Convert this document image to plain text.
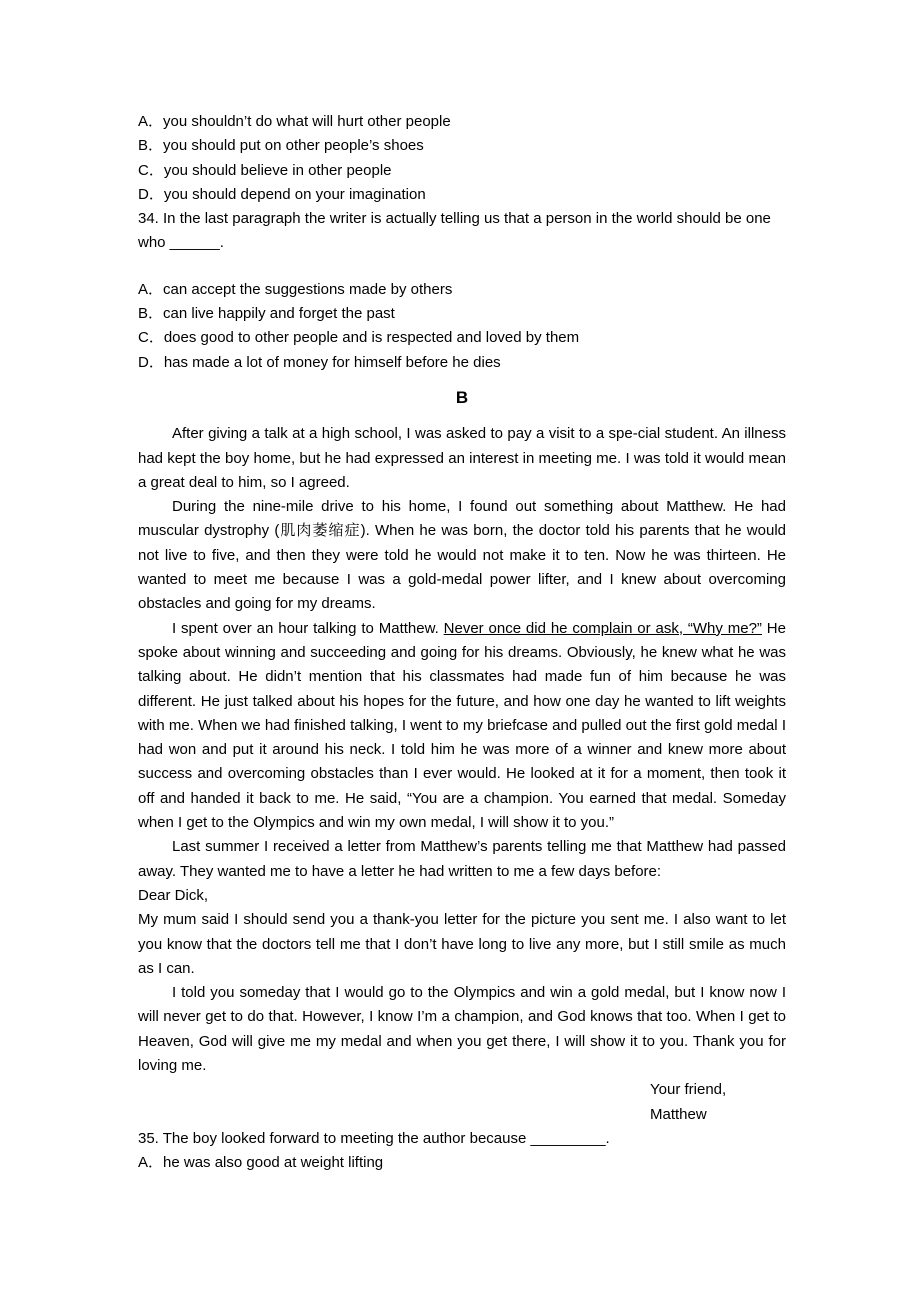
A．you shouldn’t do what will hurt other people

B．you should put on other people’s shoes

C．you should believe in other people

D．you should depend on your imagination

34. In the last paragraph the writer is actually telling us that a person in the world should be one who ______.

A．can accept the suggestions made by others

B．can live happily and forget the past

C．does good to other people and is respected and loved by them

D．has made a lot of money for himself before he dies

B

After giving a talk at a high school, I was asked to pay a visit to a spe-cial student. An illness had kept the boy home, but he had expressed an interest in meeting me. I was told it would mean a great deal to him, so I agreed.

During the nine-mile drive to his home, I found out something about Matthew. He had muscular dystrophy (肌肉萎缩症). When he was born, the doctor told his parents that he would not live to five, and then they were told he would not make it to ten. Now he was thirteen. He wanted to meet me because I was a gold-medal power lifter, and I knew about overcoming obstacles and going for my dreams.

I spent over an hour talking to Matthew. Never once did he complain or ask, “Why me?” He spoke about winning and succeeding and going for his dreams. Obviously, he knew what he was talking about. He didn’t mention that his classmates had made fun of him because he was different. He just talked about his hopes for the future, and how one day he wanted to lift weights with me. When we had finished talking, I went to my briefcase and pulled out the first gold medal I had won and put it around his neck. I told him he was more of a winner and knew more about success and overcoming obstacles than I ever would. He looked at it for a moment, then took it off and handed it back to me. He said, “You are a champion. You earned that medal. Someday when I get to the Olympics and win my own medal, I will show it to you.”

Last summer I received a letter from Matthew’s parents telling me that Matthew had passed away. They wanted me to have a letter he had written to me a few days before:

Dear Dick,

My mum said I should send you a thank-you letter for the picture you sent me. I also want to let you know that the doctors tell me that I don’t have long to live any more, but I still smile as much as I can.

I told you someday that I would go to the Olympics and win a gold medal, but I know now I will never get to do that. However, I know I’m a champion, and God knows that too. When I get to Heaven, God will give me my medal and when you get there, I will show it to you. Thank you for loving me.

Your friend,

Matthew

35. The boy looked forward to meeting the author because _________.

A．he was also good at weight lifting
